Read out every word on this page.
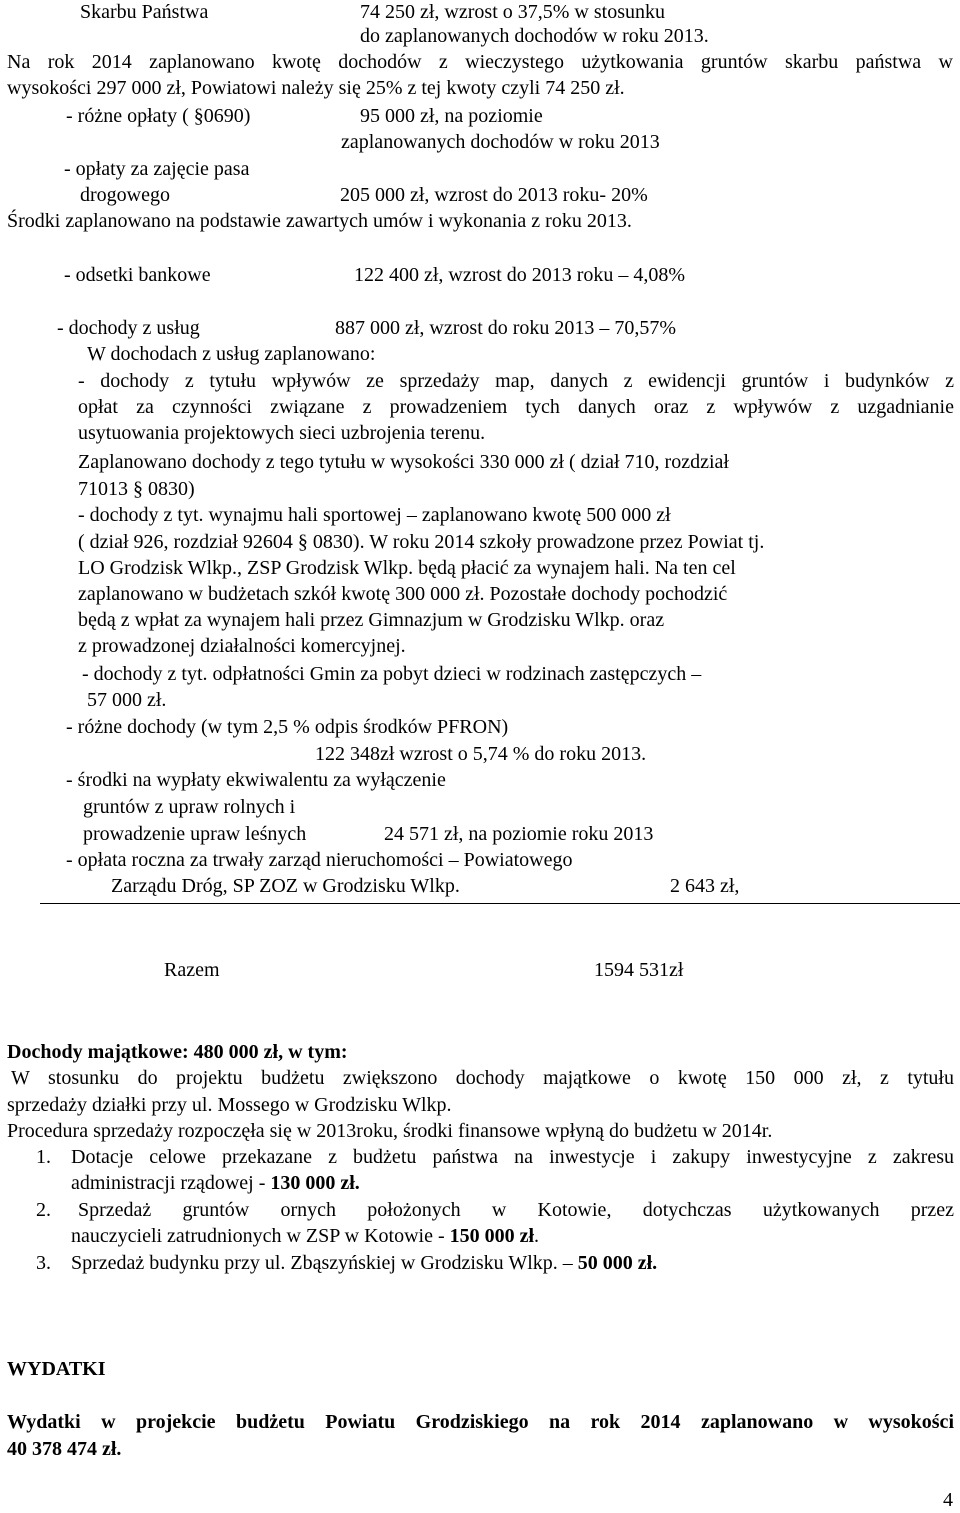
Skarbu Państwa	74 250 zł, wzrost o 37,5% w stosunku
do zaplanowanych dochodów w roku 2013.
Na rok 2014 zaplanowano kwotę dochodów z wieczystego użytkowania gruntów skarbu państwa w
wysokości 297 000 zł, Powiatowi należy się 25% z tej kwoty czyli 74 250 zł.
- różne opłaty ( §0690)	95 000 zł, na poziomie
zaplanowanych dochodów w roku 2013
- opłaty za zajęcie pasa
drogowego	205 000 zł, wzrost do 2013 roku- 20%
Środki zaplanowano na podstawie zawartych umów i wykonania z roku 2013.
- odsetki bankowe	122 400 zł, wzrost do 2013 roku – 4,08%
- dochody z usług	887 000 zł, wzrost do roku 2013 – 70,57%
W dochodach z usług zaplanowano:
- dochody z tytułu wpływów ze sprzedaży map, danych z ewidencji gruntów i budynków z
opłat za czynności związane z prowadzeniem tych danych oraz z wpływów z uzgadnianie
usytuowania projektowych sieci uzbrojenia terenu.
Zaplanowano dochody z tego tytułu w wysokości 330 000 zł ( dział 710, rozdział
71013 § 0830)
- dochody z tyt. wynajmu hali sportowej – zaplanowano kwotę 500 000 zł
( dział 926, rozdział 92604 § 0830). W roku 2014 szkoły prowadzone przez Powiat tj.
LO Grodzisk Wlkp., ZSP Grodzisk Wlkp. będą płacić za wynajem hali. Na ten cel
zaplanowano w budżetach szkół kwotę 300 000 zł. Pozostałe dochody pochodzić
będą z wpłat za wynajem hali przez Gimnazjum w Grodzisku Wlkp. oraz
z prowadzonej działalności komercyjnej.
- dochody z tyt. odpłatności Gmin za pobyt dzieci w rodzinach zastępczych –
57 000 zł.
- różne dochody (w tym 2,5 % odpis środków PFRON)
122 348zł wzrost o 5,74 % do roku 2013.
- środki na wypłaty ekwiwalentu za wyłączenie
gruntów z upraw rolnych i
prowadzenie upraw leśnych	24 571 zł, na poziomie roku 2013
- opłata roczna za trwały zarząd nieruchomości – Powiatowego
Zarządu Dróg, SP ZOZ w Grodzisku Wlkp.	2 643 zł,
Razem	1594 531zł
Dochody majątkowe: 480 000 zł, w tym:
W stosunku do projektu budżetu zwiększono dochody majątkowe o kwotę 150 000 zł, z tytułu
sprzedaży działki przy ul. Mossego w Grodzisku Wlkp.
Procedura sprzedaży rozpoczęła się w 2013roku, środki finansowe wpłyną do budżetu w 2014r.
1. Dotacje celowe przekazane z budżetu państwa na inwestycje i zakupy inwestycyjne z zakresu
administracji rządowej - 130 000 zł.
2. Sprzedaż gruntów ornych położonych w Kotowie, dotychczas użytkowanych przez
nauczycieli zatrudnionych w ZSP w Kotowie - 150 000 zł.
3. Sprzedaż budynku przy ul. Zbąszyńskiej w Grodzisku Wlkp. – 50 000 zł.
WYDATKI
Wydatki w projekcie budżetu Powiatu Grodziskiego na rok 2014 zaplanowano w wysokości
40 378 474 zł.
4
